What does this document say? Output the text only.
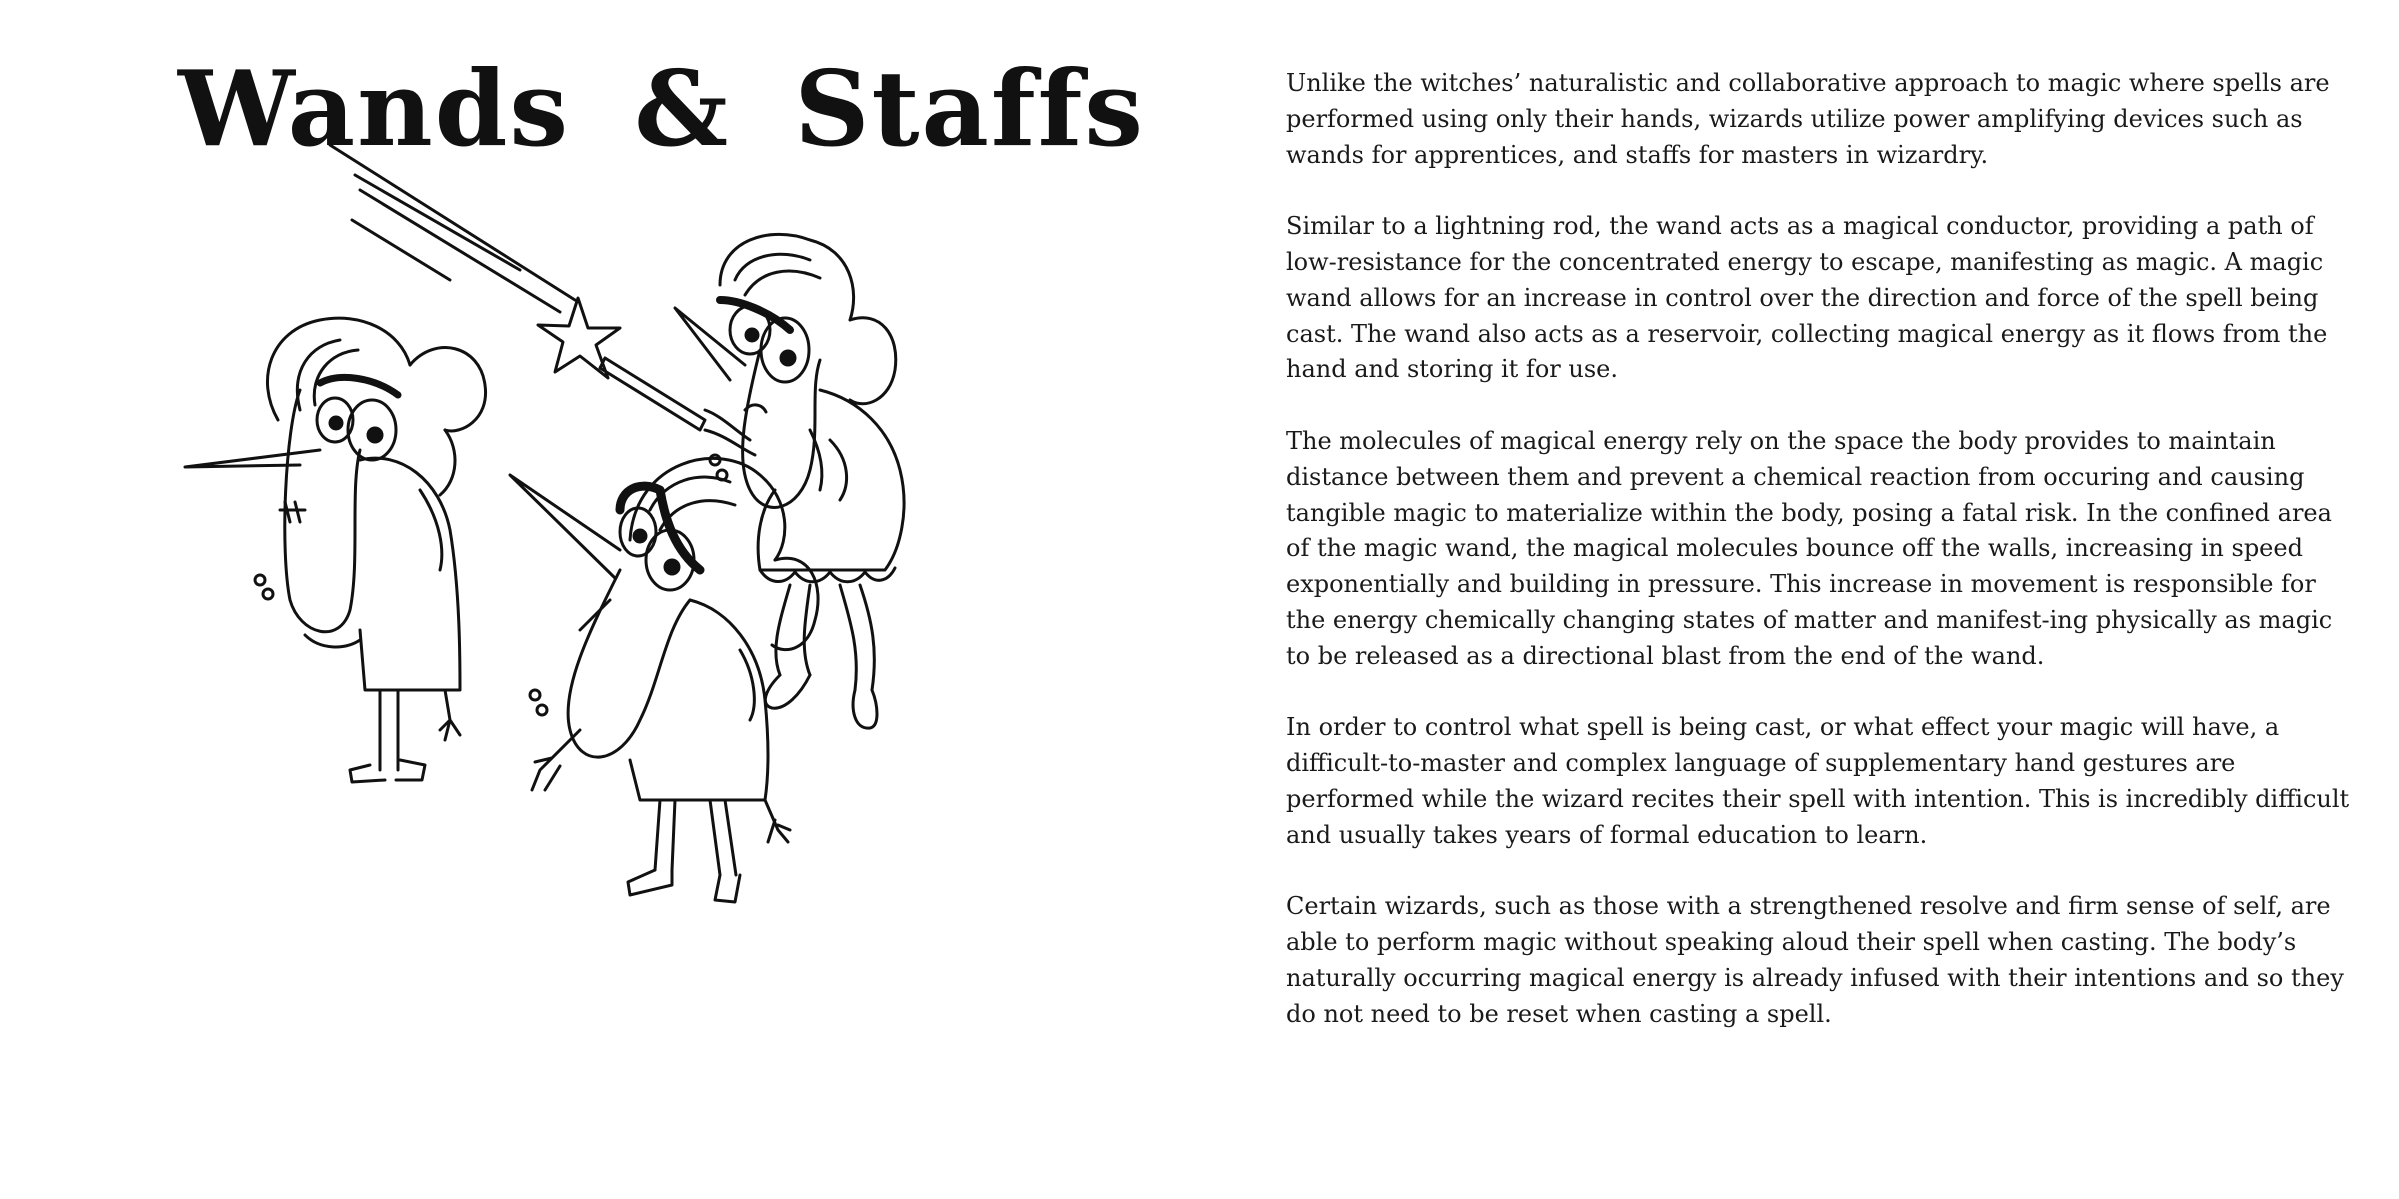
Wands & Staffs	Unlike the witches’ naturalistic and collaborative approach to magic where spells are performed using only their hands, wizards utilize power amplifying devices such as wands for apprentices, and staffs for masters in wizardry.

Similar to a lightning rod, the wand acts as a magical conductor, providing a path of low-resistance for the concentrated energy to escape, manifesting as magic. A magic wand allows for an increase in control over the direction and force of the spell being cast. The wand also acts as a reservoir, collecting magical energy as it flows from the hand and storing it for use.

The molecules of magical energy rely on the space the body provides to maintain distance between them and prevent a chemical reaction from occuring and causing tangible magic to materialize within the body, posing a fatal risk. In the confined area of the magic wand, the magical molecules bounce off the walls, increasing in speed exponentially and building in pressure. This increase in movement is responsible for the energy chemically changing states of matter and manifest-ing physically as magic to be released as a directional blast from the end of the wand.

In order to control what spell is being cast, or what effect your magic will have, a difficult-to-master and complex language of supplementary hand gestures are performed while the wizard recites their spell with intention. This is incredibly difficult and usually takes years of formal education to learn.

Certain wizards, such as those with a strengthened resolve and firm sense of self, are able to perform magic without speaking aloud their spell when casting. The body’s naturally occurring magical energy is already infused with their intentions and so they do not need to be reset when casting a spell.
